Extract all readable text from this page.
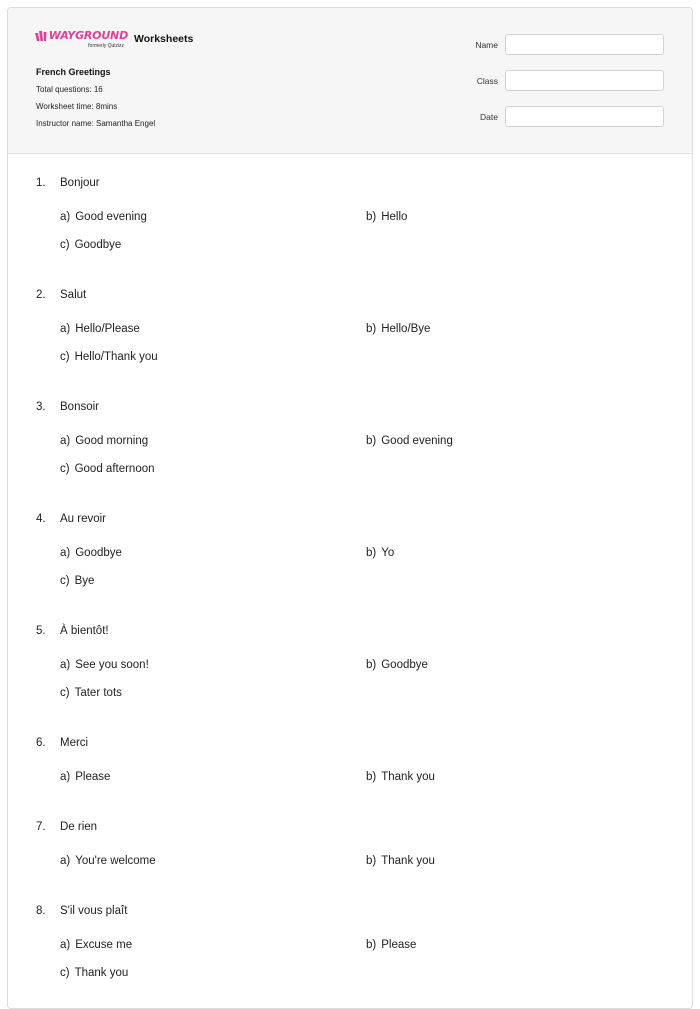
WAYGROUND
formerly Quizizz
Worksheets
French Greetings
Total questions: 16
Worksheet time: 8mins
Instructor name: Samantha Engel
Name
Class
Date
1. Bonjour
a) Good evening	b) Hello
c) Goodbye
2. Salut
a) Hello/Please	b) Hello/Bye
c) Hello/Thank you
3. Bonsoir
a) Good morning	b) Good evening
c) Good afternoon
4. Au revoir
a) Goodbye	b) Yo
c) Bye
5. À bientôt!
a) See you soon!	b) Goodbye
c) Tater tots
6. Merci
a) Please	b) Thank you
7. De rien
a) You're welcome	b) Thank you
8. S'il vous plaît
a) Excuse me	b) Please
c) Thank you
